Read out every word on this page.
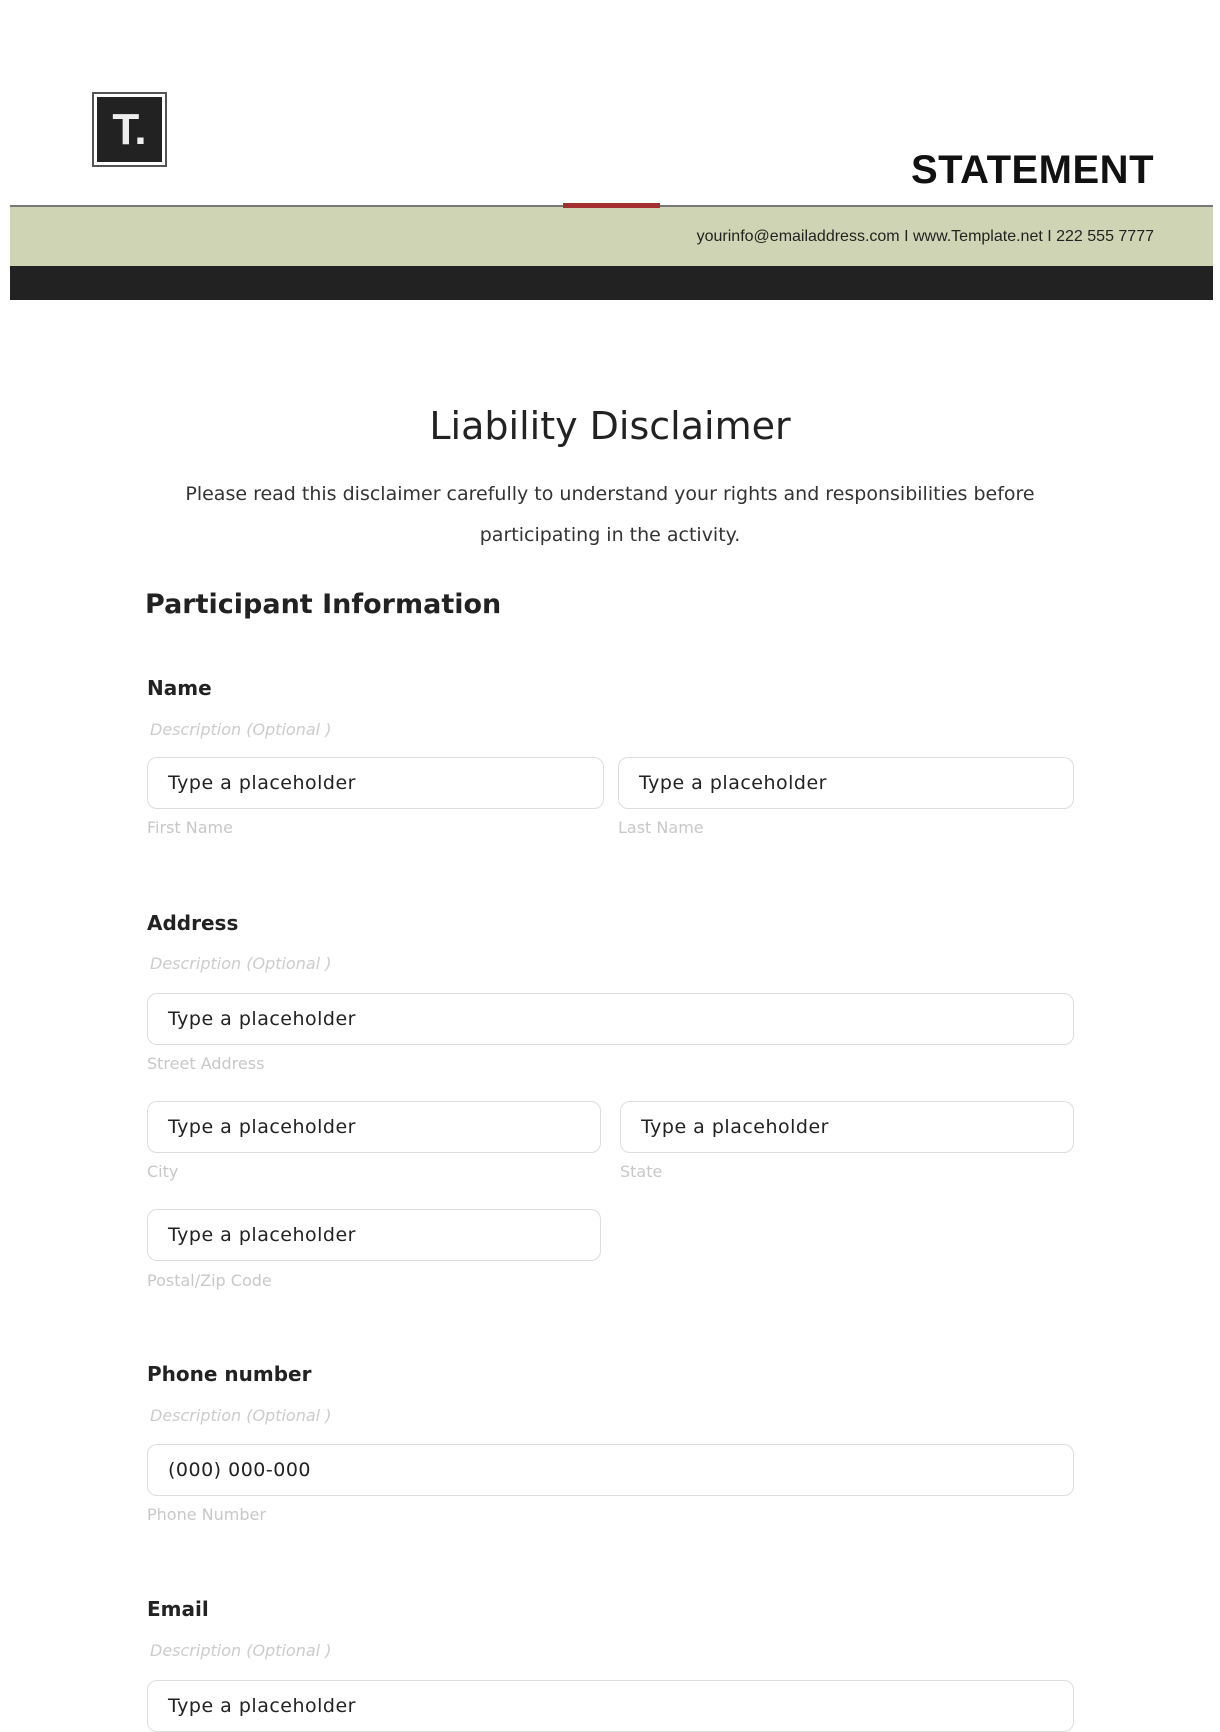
T.
STATEMENT
yourinfo@emailaddress.com I www.Template.net I 222 555 7777
Liability Disclaimer
Please read this disclaimer carefully to understand your rights and responsibilities before participating in the activity.
Participant Information
Name
Description (Optional )
Type a placeholder
First Name
Type a placeholder
Last Name
Address
Description (Optional )
Type a placeholder
Street Address
Type a placeholder
City
Type a placeholder
State
Type a placeholder
Postal/Zip Code
Phone number
Description (Optional )
(000) 000-000
Phone Number
Email
Description (Optional )
Type a placeholder
